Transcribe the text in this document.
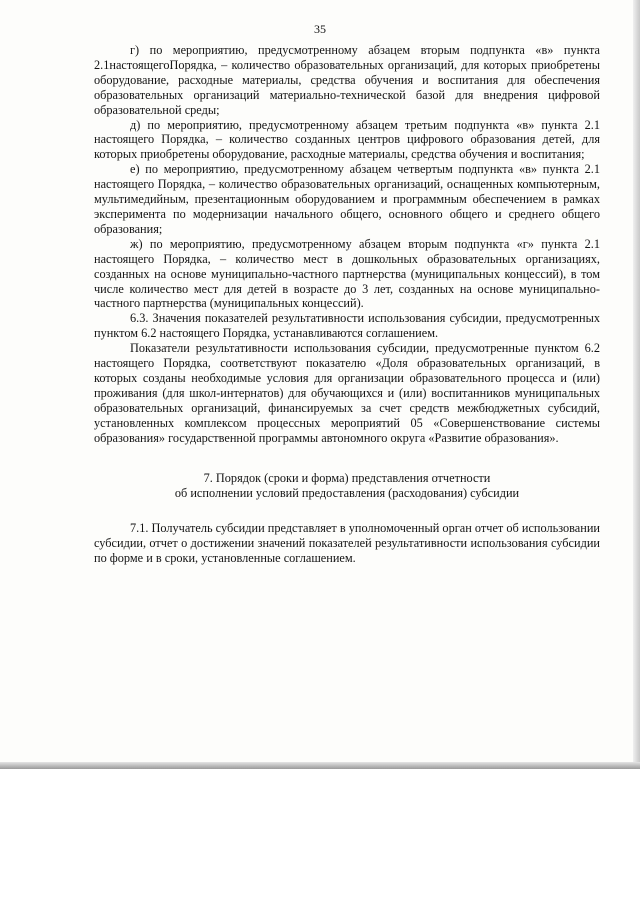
35

г) по мероприятию, предусмотренному абзацем вторым подпункта «в» пункта 2.1настоящегоПорядка, – количество образовательных организаций, для которых приобретены оборудование, расходные материалы, средства обучения и воспитания для обеспечения образовательных организаций материально-технической базой для внедрения цифровой образовательной среды;

д) по мероприятию, предусмотренному абзацем третьим подпункта «в» пункта 2.1 настоящего Порядка, – количество созданных центров цифрового образования детей, для которых приобретены оборудование, расходные материалы, средства обучения и воспитания;

е) по мероприятию, предусмотренному абзацем четвертым подпункта «в» пункта 2.1 настоящего Порядка, – количество образовательных организаций, оснащенных компьютерным, мультимедийным, презентационным оборудованием и программным обеспечением в рамках эксперимента по модернизации начального общего, основного общего и среднего общего образования;

ж) по мероприятию, предусмотренному абзацем вторым подпункта «г» пункта 2.1 настоящего Порядка, – количество мест в дошкольных образовательных организациях, созданных на основе муниципально-частного партнерства (муниципальных концессий), в том числе количество мест для детей в возрасте до 3 лет, созданных на основе муниципально-частного партнерства (муниципальных концессий).

6.3. Значения показателей результативности использования субсидии, предусмотренных пунктом 6.2 настоящего Порядка, устанавливаются соглашением.

Показатели результативности использования субсидии, предусмотренные пунктом 6.2 настоящего Порядка, соответствуют показателю «Доля образовательных организаций, в которых созданы необходимые условия для организации образовательного процесса и (или) проживания (для школ-интернатов) для обучающихся и (или) воспитанников муниципальных образовательных организаций, финансируемых за счет средств межбюджетных субсидий, установленных комплексом процессных мероприятий 05 «Совершенствование системы образования» государственной программы автономного округа «Развитие образования».

7. Порядок (сроки и форма) представления отчетности
об исполнении условий предоставления (расходования) субсидии

7.1. Получатель субсидии представляет в уполномоченный орган отчет об использовании субсидии, отчет о достижении значений показателей результативности использования субсидии по форме и в сроки, установленные соглашением.
